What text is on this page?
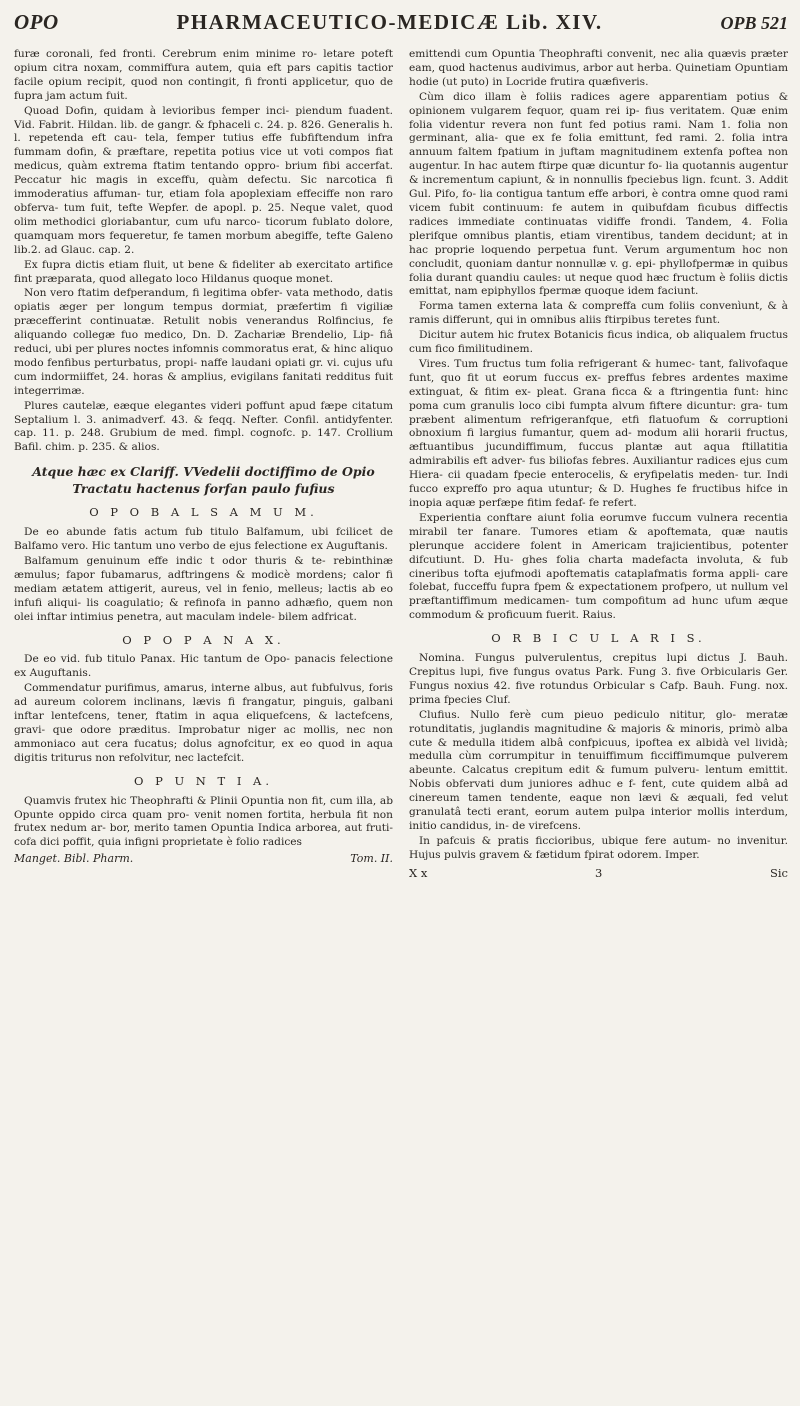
OPO	PHARMACEUTICO-MEDICÆ Lib. XIV.	OPB 521

furæ coronali, fed fronti. Cerebrum enim minime ro- letare poteft opium citra noxam, commiffura autem, quia eft pars capitis tactior facile opium recipit, quod non contingit, fi fronti applicetur, quo de fupra jam actum fuit.

Quoad Dofin, quidam à levioribus femper inci- piendum fuadent. Vid. Fabrit. Hildan. lib. de gangr. & fphaceli c. 24. p. 826. Generalis h. l. repetenda eft cau- tela, femper tutius effe fubfiftendum infra fummam dofin, & præftare, repetita potius vice ut voti compos fiat medicus, quàm extrema ftatim tentando oppro- brium fibi accerfat. Peccatur hic magis in exceffu, quàm defectu. Sic narcotica fi immoderatius affuman- tur, etiam fola apoplexiam effeciffe non raro obferva- tum fuit, tefte Wepfer. de apopl. p. 25. Neque valet, quod olim methodici gloriabantur, cum ufu narco- ticorum fublato dolore, quamquam mors fequeretur, fe tamen morbum abegiffe, tefte Galeno lib.2. ad Glauc. cap. 2.

Ex fupra dictis etiam fluit, ut bene & fideliter ab exercitato artifice fint præparata, quod allegato loco Hildanus quoque monet.

Non vero ftatim defperandum, fi legitima obfer- vata methodo, datis opiatis æger per longum tempus dormiat, præfertim fi vigiliæ præcefferint continuatæ. Retulit nobis venerandus Rolfincius, fe aliquando collegæ fuo medico, Dn. D. Zachariæ Brendelio, Lip- fiâ reduci, ubi per plures noctes infomnis commoratus erat, & hinc aliquo modo fenfibus perturbatus, propi- naffe laudani opiati gr. vi. cujus ufu cum indormiiffet, 24. horas & amplius, evigilans fanitati redditus fuit integerrimæ.

Plures cautelæ, eæque elegantes videri poffunt apud fæpe citatum Septalium l. 3. animadverf. 43. & feqq. Nefter. Confil. antidyfenter. cap. 11. p. 248. Grubium de med. fimpl. cognofc. p. 147. Crollium Bafil. chim. p. 235. & alios.

Atque hæc ex Clariff. VVedelii doctiffimo de Opio Tractatu hactenus forfan paulo fufius
O P O B A L S A M U M.

De eo abunde fatis actum fub titulo Balfamum, ubi fcilicet de Balfamo vero. Hic tantum uno verbo de ejus felectione ex Auguftanis.

Balfamum genuinum effe indic t odor thuris & te- rebinthinæ æmulus; fapor fubamarus, adftringens & modicè mordens; calor fi mediam ætatem attigerit, aureus, vel in fenio, melleus; lactis ab eo infufi aliqui- lis coagulatio; & refinofa in panno adhæfio, quem non olei inftar intimius penetra, aut maculam indele- bilem adfricat.

O P O P A N A X.

De eo vid. fub titulo Panax. Hic tantum de Opo- panacis felectione ex Auguftanis.

Commendatur purifimus, amarus, interne albus, aut fubfulvus, foris ad aureum colorem inclinans, lævis fi frangatur, pinguis, galbani inftar lentefcens, tener, ftatim in aqua eliquefcens, & lactefcens, gravi- que odore præditus. Improbatur niger ac mollis, nec non ammoniaco aut cera fucatus; dolus agnofcitur, ex eo quod in aqua digitis triturus non refolvitur, nec lactefcit.

O P U N T I A.

Quamvis frutex hic Theophrafti & Plinii Opuntia non fit, cum illa, ab Opunte oppido circa quam pro- venit nomen fortita, herbula fit non frutex nedum ar- bor, merito tamen Opuntia Indica arborea, aut fruti- cofa dici poffit, quia infigni proprietate è folio radices

Manget. Bibl. Pharm.	Tom. II.

emittendi cum Opuntia Theophrafti convenit, nec alia quævis præter eam, quod hactenus audivimus, arbor aut herba. Quinetiam Opuntiam hodie (ut puto) in Locride frutira quæfiveris.

Cùm dico illam è foliis radices agere apparentiam potius & opinionem vulgarem fequor, quam rei ip- fius veritatem. Quæ enim folia videntur revera non funt fed potius rami. Nam 1. folia non germinant, alia- que ex fe folia emittunt, fed rami. 2. folia intra annuum faltem fpatium in juftam magnitudinem extenfa poftea non augentur. In hac autem ftirpe quæ dicuntur fo- lia quotannis augentur & incrementum capiunt, & in nonnullis fpeciebus lign. fcunt. 3. Addit Gul. Pifo, fo- lia contigua tantum effe arbori, è contra omne quod rami vicem fubit continuum: fe autem in quibufdam ficubus diffectis radices immediate continuatas vidiffe frondi. Tandem, 4. Folia plerifque omnibus plantis, etiam virentibus, tandem decidunt; at in hac proprie loquendo perpetua funt. Verum argumentum hoc non concludit, quoniam dantur nonnullæ v. g. epi- phyllofpermæ in quibus folia durant quandiu caules: ut neque quod hæc fructum è foliis dictis emittat, nam epiphyllos fpermæ quoque idem faciunt.

Forma tamen externa lata & compreffa cum foliis convenìunt, & à ramis differunt, qui in omnibus aliis ftirpibus teretes funt.

Dicitur autem hic frutex Botanicis ficus indica, ob aliqualem fructus cum fico fimilitudinem.

Vires. Tum fructus tum folia refrigerant & humec- tant, falivofaque funt, quo fit ut eorum fuccus ex- preffus febres ardentes maxime extinguat, & fitim ex- pleat. Grana ficca & a ftringentia funt: hinc poma cum granulis loco cibi fumpta alvum fiftere dicuntur: gra- tum præbent alimentum refrigeranfque, etfi flatuofum & corruptioni obnoxium fi largius fumantur, quem ad- modum alii horarii fructus, æftuantibus jucundiffimum, fuccus plantæ aut aqua ftillatitia admirabilis eft adver- fus biliofas febres. Auxiliantur radices ejus cum Hiera- cii quadam fpecie enterocelis, & eryfipelatis meden- tur. Indi fucco expreffo pro aqua utuntur; & D. Hughes fe fructibus hifce in inopia aquæ perfæpe fitim fedaf- fe refert.

Experientia conftare aiunt folia eorumve fuccum vulnera recentia mirabil ter fanare. Tumores etiam & apoftemata, quæ nautis plerunque accidere folent in Americam trajicientibus, potenter difcutiunt. D. Hu- ghes folia charta madefacta involuta, & fub cineribus tofta ejufmodi apoftematis cataplafmatis forma appli- care folebat, fucceffu fupra fpem & expectationem profpero, ut nullum vel præftantiffimum medicamen- tum compofitum ad hunc ufum æque commodum & proficuum fuerit. Raius.

O R B I C U L A R I S.

Nomina. Fungus pulverulentus, crepitus lupi dictus J. Bauh. Crepitus lupi, five fungus ovatus Park. Fung 3. five Orbicularis Ger. Fungus noxius 42. five rotundus Orbicular s Cafp. Bauh. Fung. nox. prima fpecies Cluf.

Clufius. Nullo ferè cum pieuo pediculo nititur, glo- meratæ rotunditatis, juglandis magnitudine & majoris & minoris, primò alba cute & medulla itidem albâ confpicuus, ipoftea ex albidà vel lividà; medulla cùm corrumpitur in tenuiffimum ficciffimumque pulverem abeunte. Calcatus crepitum edit & fumum pulveru- lentum emittit. Nobis obfervati dum juniores adhuc e f- fent, cute quidem albâ ad cinereum tamen tendente, eaque non lævi & æquali, fed velut granulatâ tecti erant, eorum autem pulpa interior mollis interdum, initio candidus, in- de virefcens.

In pafcuis & pratis ficcioribus, ubique fere autum- no invenitur. Hujus pulvis gravem & fætidum fpirat odorem. Imper.

X x	3	Sic
